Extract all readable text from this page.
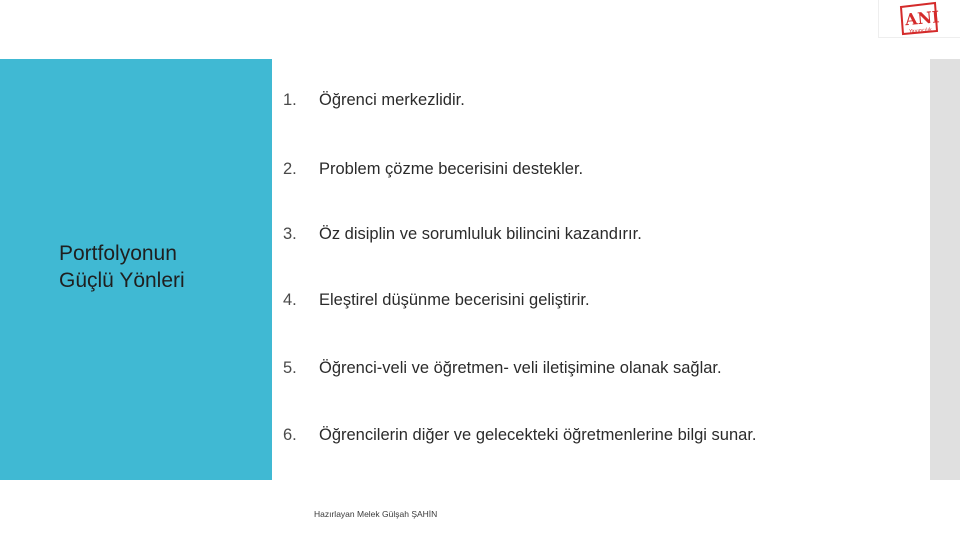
ANI
Yayıncılık
Portfolyonun
Güçlü Yönleri
1.	Öğrenci merkezlidir.
2.	Problem çözme becerisini destekler.
3.	Öz disiplin ve sorumluluk bilincini kazandırır.
4.	Eleştirel düşünme becerisini geliştirir.
5.	Öğrenci-veli ve öğretmen- veli iletişimine olanak sağlar.
6.	Öğrencilerin diğer ve gelecekteki öğretmenlerine bilgi sunar.
Hazırlayan Melek Gülşah ŞAHİN
